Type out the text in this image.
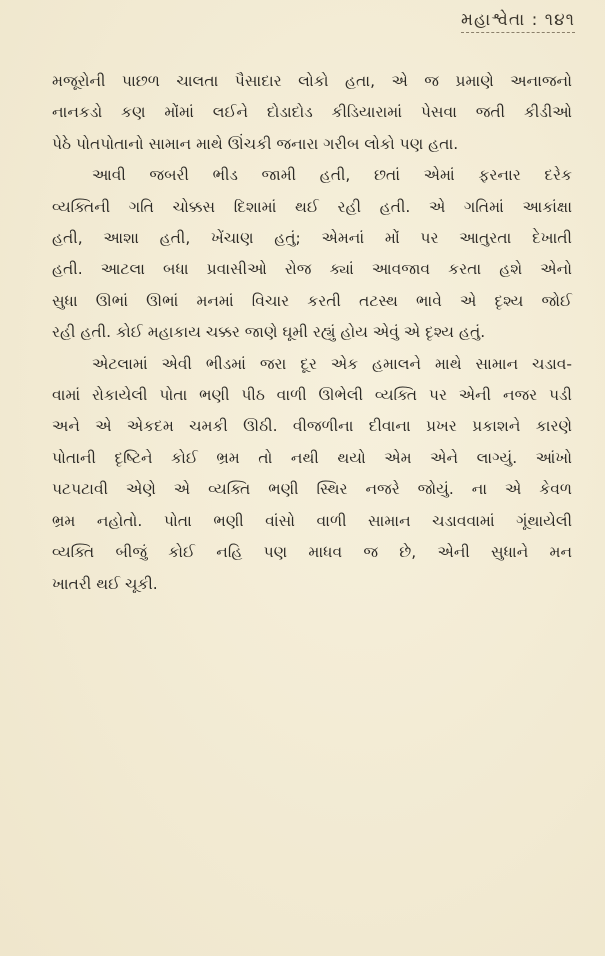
મહાશ્વેતા : ૧૪૧
મજૂરોની પાછળ ચાલતા પૈસાદાર લોકો હતા, એ જ પ્રમાણે અનાજનો
નાનકડો કણ મોંમાં લઈને દોડાદોડ કીડિયારામાં પેસવા જતી કીડીઓ
પેઠે પોતપોતાનો સામાન માથે ઊંચકી જનારા ગરીબ લોકો પણ હતા.
આવી જબરી ભીડ જામી હતી, છતાં એમાં ફરનાર દરેક
વ્યક્તિની ગતિ ચોક્કસ દિશામાં થઈ રહી હતી. એ ગતિમાં આકાંક્ષા
હતી, આશા હતી, ખેંચાણ હતું; એમનાં મોં પર આતુરતા દેખાતી
હતી. આટલા બધા પ્રવાસીઓ રોજ ક્યાં આવજાવ કરતા હશે એનો
સુધા ઊભાં ઊભાં મનમાં વિચાર કરતી તટસ્થ ભાવે એ દૃશ્ય જોઈ
રહી હતી. કોઈ મહાકાય ચક્કર જાણે ઘૂમી રહ્યું હોય એવું એ દૃશ્ય હતું.
એટલામાં એવી ભીડમાં જરા દૂર એક હમાલને માથે સામાન ચડાવ-
વામાં રોકાયેલી પોતા ભણી પીઠ વાળી ઊભેલી વ્યક્તિ પર એની નજર પડી
અને એ એકદમ ચમકી ઊઠી. વીજળીના દીવાના પ્રખર પ્રકાશને કારણે
પોતાની દૃષ્ટિને કોઈ ભ્રમ તો નથી થયો એમ એને લાગ્યું. આંખો
પટપટાવી એણે એ વ્યક્તિ ભણી સ્થિર નજરે જોયું. ના એ કેવળ
ભ્રમ નહોતો. પોતા ભણી વાંસો વાળી સામાન ચડાવવામાં ગૂંથાયેલી
વ્યક્તિ બીજું કોઈ નહિ પણ માધવ જ છે, એની સુધાને મન
ખાતરી થઈ ચૂકી.
